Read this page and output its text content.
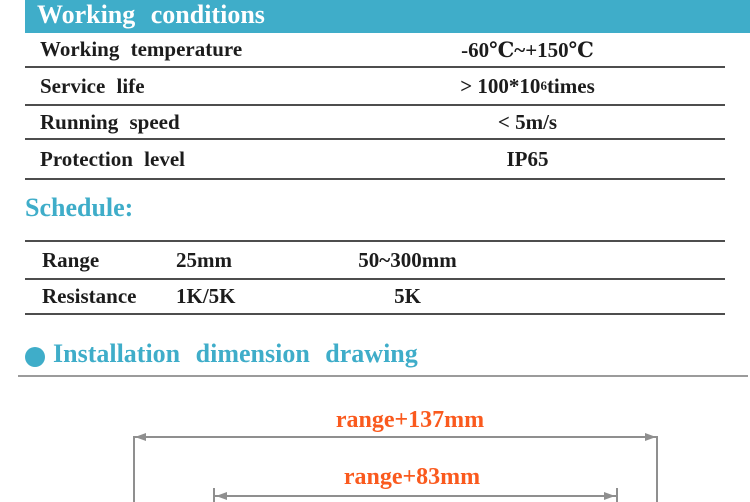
Working conditions
Working temperature	-60℃~+150℃
Service life	> 100*10 6 times
Running speed	< 5m/s
Protection level	IP65
Schedule:
Range	25mm	50~300mm
Resistance 1K/5K	5K
Installation dimension drawing
range+137mm
range+83mm
